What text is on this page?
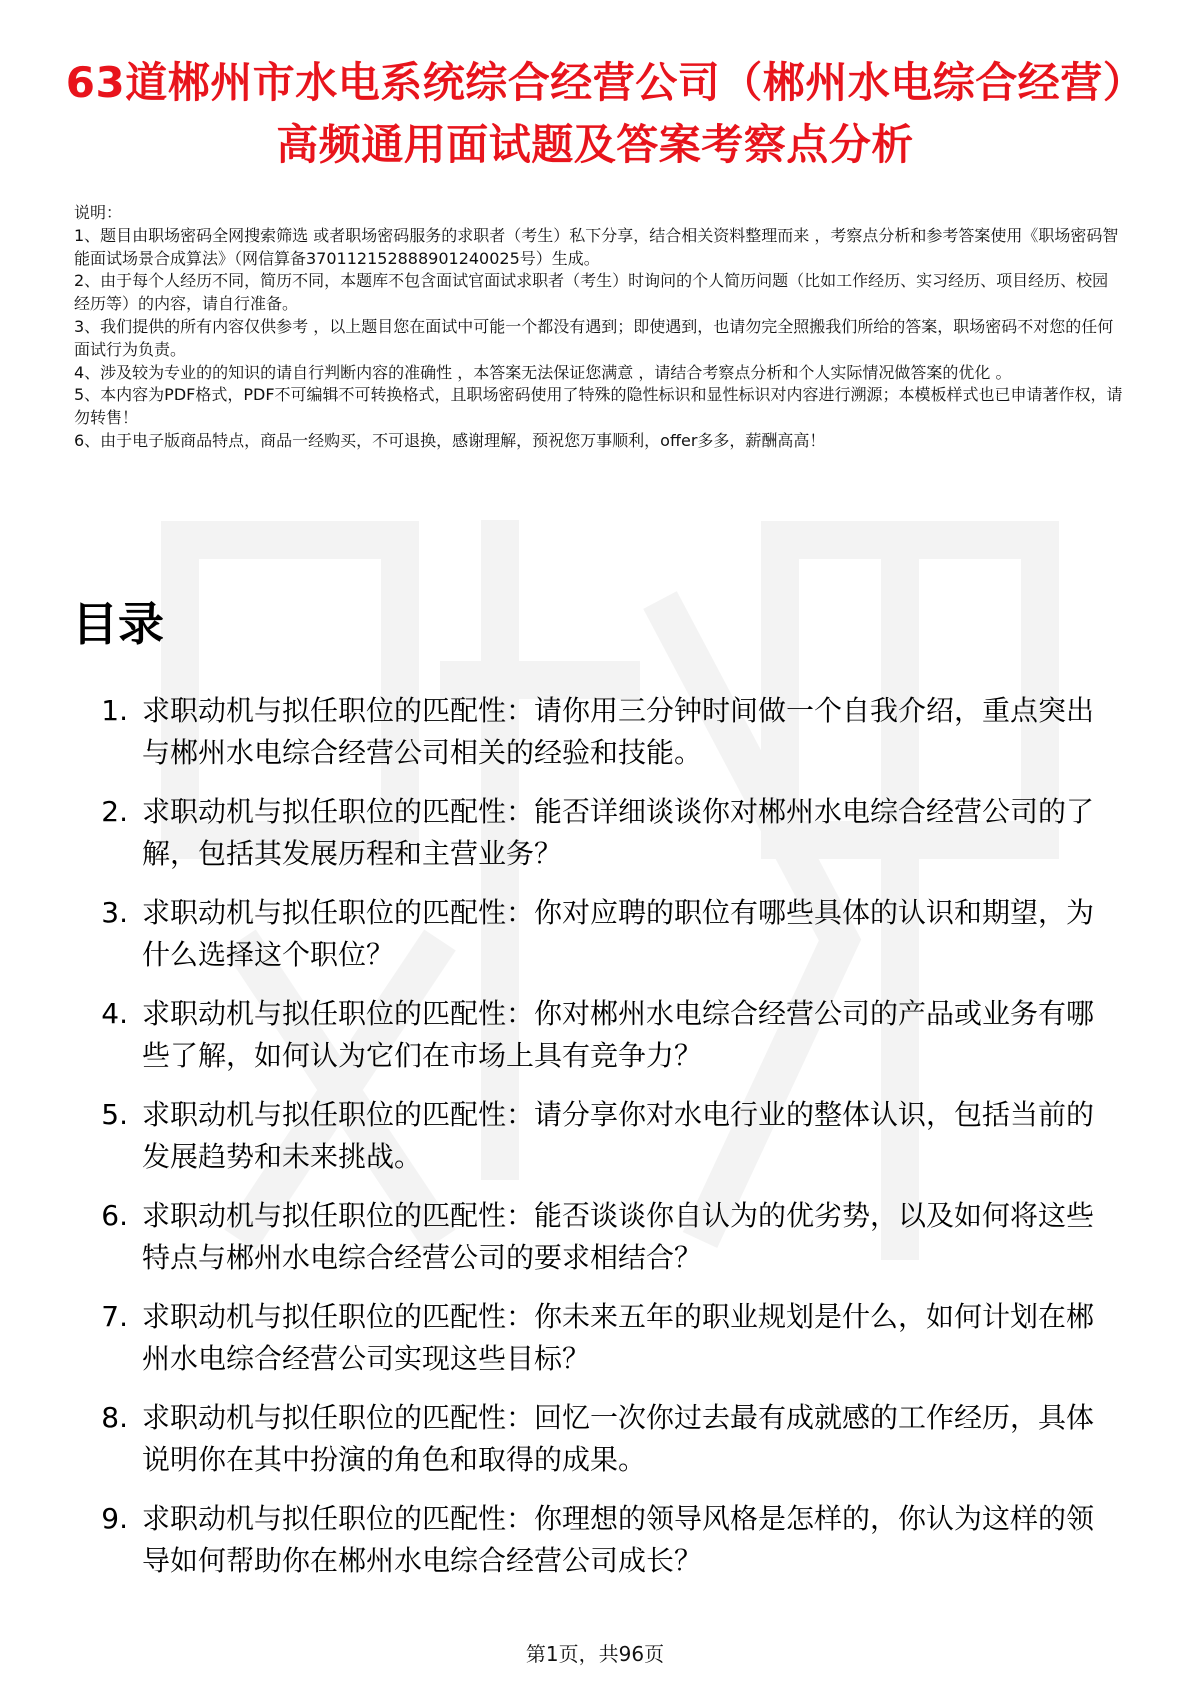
63道郴州市水电系统综合经营公司（郴州水电综合经营）高频通用面试题及答案考察点分析

说明：

1、题目由职场密码全网搜索筛选 或者职场密码服务的求职者（考生）私下分享，结合相关资料整理而来 ，考察点分析和参考答案使用《职场密码智能面试场景合成算法》（网信算备370112152888901240025号）生成。

2、由于每个人经历不同，简历不同，本题库不包含面试官面试求职者（考生）时询问的个人简历问题（比如工作经历、实习经历、项目经历、校园经历等）的内容，请自行准备。

3、我们提供的所有内容仅供参考 ，以上题目您在面试中可能一个都没有遇到；即使遇到，也请勿完全照搬我们所给的答案，职场密码不对您的任何面试行为负责。

4、涉及较为专业的的知识的请自行判断内容的准确性 ，本答案无法保证您满意 ，请结合考察点分析和个人实际情况做答案的优化 。

5、本内容为PDF格式，PDF不可编辑不可转换格式，且职场密码使用了特殊的隐性标识和显性标识对内容进行溯源；本模板样式也已申请著作权，请勿转售！

6、由于电子版商品特点，商品一经购买，不可退换，感谢理解，预祝您万事顺利，offer多多，薪酬高高！

目录
1. 求职动机与拟任职位的匹配性：请你用三分钟时间做一个自我介绍，重点突出与郴州水电综合经营公司相关的经验和技能。
2. 求职动机与拟任职位的匹配性：能否详细谈谈你对郴州水电综合经营公司的了解，包括其发展历程和主营业务？
3. 求职动机与拟任职位的匹配性：你对应聘的职位有哪些具体的认识和期望，为什么选择这个职位？
4. 求职动机与拟任职位的匹配性：你对郴州水电综合经营公司的产品或业务有哪些了解，如何认为它们在市场上具有竞争力？
5. 求职动机与拟任职位的匹配性：请分享你对水电行业的整体认识，包括当前的发展趋势和未来挑战。
6. 求职动机与拟任职位的匹配性：能否谈谈你自认为的优劣势，以及如何将这些特点与郴州水电综合经营公司的要求相结合？
7. 求职动机与拟任职位的匹配性：你未来五年的职业规划是什么，如何计划在郴州水电综合经营公司实现这些目标？
8. 求职动机与拟任职位的匹配性：回忆一次你过去最有成就感的工作经历，具体说明你在其中扮演的角色和取得的成果。
9. 求职动机与拟任职位的匹配性：你理想的领导风格是怎样的，你认为这样的领导如何帮助你在郴州水电综合经营公司成长？
第1页，共96页
